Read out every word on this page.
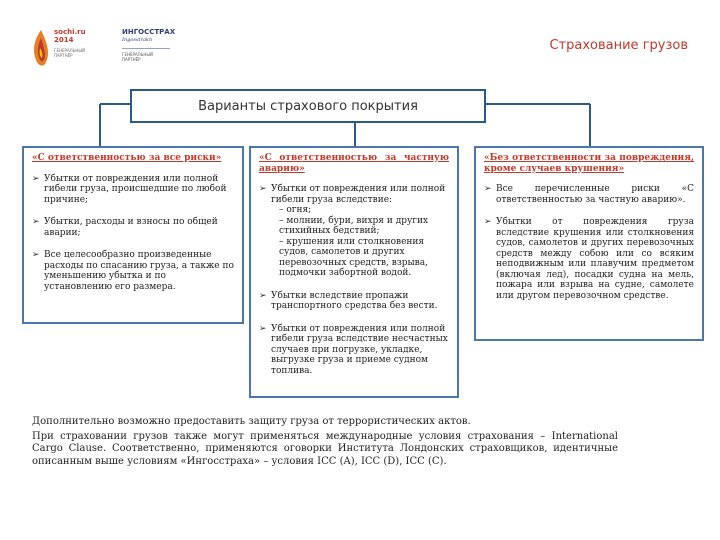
sochi.ru 2014
ГЕНЕРАЛЬНЫЙ
ПАРТНЁР
ИНГОССТРАХ
Ingosstrakh
ГЕНЕРАЛЬНЫЙ
ПАРТНЁР
Страхование грузов
Варианты страхового покрытия
«С ответственностью за все риски»
➢ Убытки от повреждения или полной гибели груза, происшедшие по любой причине;
➢ Убытки, расходы и взносы по общей аварии;
➢ Все целесообразно произведенные расходы по спасанию груза, а также по уменьшению убытка и по установлению его размера.
«С ответственностью за частную аварию»
➢ Убытки от повреждения или полной гибели груза вследствие:
– огня;
– молнии, бури, вихря и других стихийных бедствий;
– крушения или столкновения судов, самолетов и других перевозочных средств, взрыва, подмочки забортной водой.
➢ Убытки вследствие пропажи транспортного средства без вести.
➢ Убытки от повреждения или полной гибели груза вследствие несчастных случаев при погрузке, укладке, выгрузке груза и приеме судном топлива.
«Без ответственности за повреждения, кроме случаев крушения»
➢ Все перечисленные риски «С ответственностью за частную аварию».
➢ Убытки от повреждения груза вследствие крушения или столкновения судов, самолетов и других перевозочных средств между собою или со всяким неподвижным или плавучим предметом (включая лед), посадки судна на мель, пожара или взрыва на судне, самолете или другом перевозочном средстве.

Дополнительно возможно предоставить защиту груза от террористических актов.

При страховании грузов также могут применяться международные условия страхования – International Cargo Clause. Соответственно, применяются оговорки Института Лондонских страховщиков, идентичные описанным выше условиям «Ингосстраха» – условия ICC (A), ICC (D), ICC (C).
